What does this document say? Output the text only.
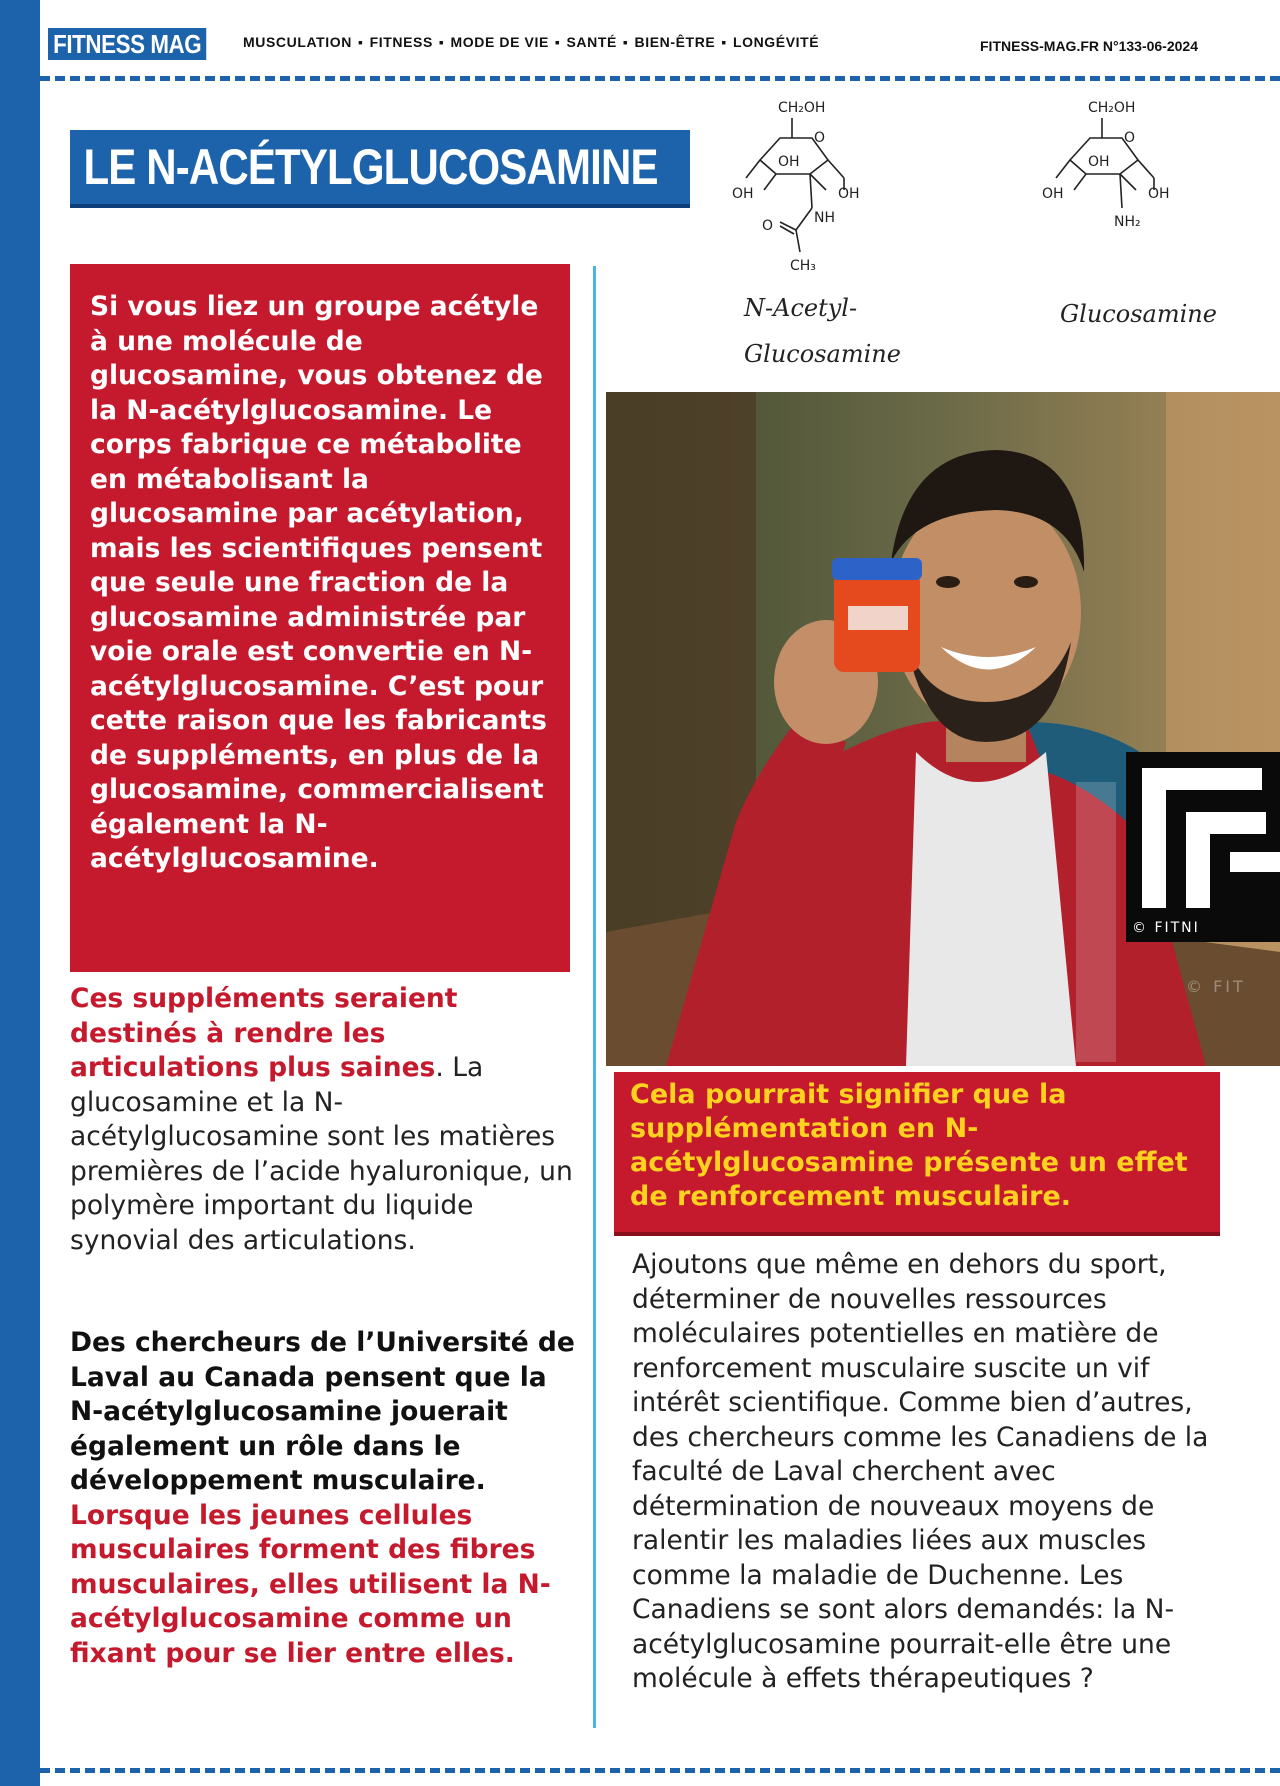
FITNESS MAG	MUSCULATION ▪ FITNESS ▪ MODE DE VIE ▪ SANTÉ ▪ BIEN-ÊTRE ▪ LONGÉVITÉ	FITNESS-MAG.FR N°133-06-2024
LE N-ACÉTYLGLUCOSAMINE
CH₂OH
O
OH
OH	OH
NH
O
CH₃
CH₂OH
O
OH
OH	OH
NH₂
N-Acetyl-
Glucosamine
Glucosamine

Si vous liez un groupe acétyle à une molécule de glucosamine, vous obtenez de la N-acétylglucosamine. Le corps fabrique ce métabolite en métabolisant la glucosamine par acétylation, mais les scientifiques pensent que seule une fraction de la glucosamine administrée par voie orale est convertie en N-acétylglucosamine. C’est pour cette raison que les fabricants de suppléments, en plus de la glucosamine, commercialisent également la N-acétylglucosamine.

Ces suppléments seraient destinés à rendre les articulations plus saines. La glucosamine et la N-acétylglucosamine sont les matières premières de l’acide hyaluronique, un polymère important du liquide synovial des articulations.
Des chercheurs de l’Université de Laval au Canada pensent que la N-acétylglucosamine jouerait également un rôle dans le développement musculaire. Lorsque les jeunes cellules musculaires forment des fibres musculaires, elles utilisent la N-acétylglucosamine comme un fixant pour se lier entre elles.
© FITNI
© FIT

Cela pourrait signifier que la supplémentation en N-acétylglucosamine présente un effet de renforcement musculaire.

Ajoutons que même en dehors du sport, déterminer de nouvelles ressources moléculaires potentielles en matière de renforcement musculaire suscite un vif intérêt scientifique. Comme bien d’autres, des chercheurs comme les Canadiens de la faculté de Laval cherchent avec détermination de nouveaux moyens de ralentir les maladies liées aux muscles comme la maladie de Duchenne. Les Canadiens se sont alors demandés: la N-acétylglucosamine pourrait-elle être une molécule à effets thérapeutiques ?
